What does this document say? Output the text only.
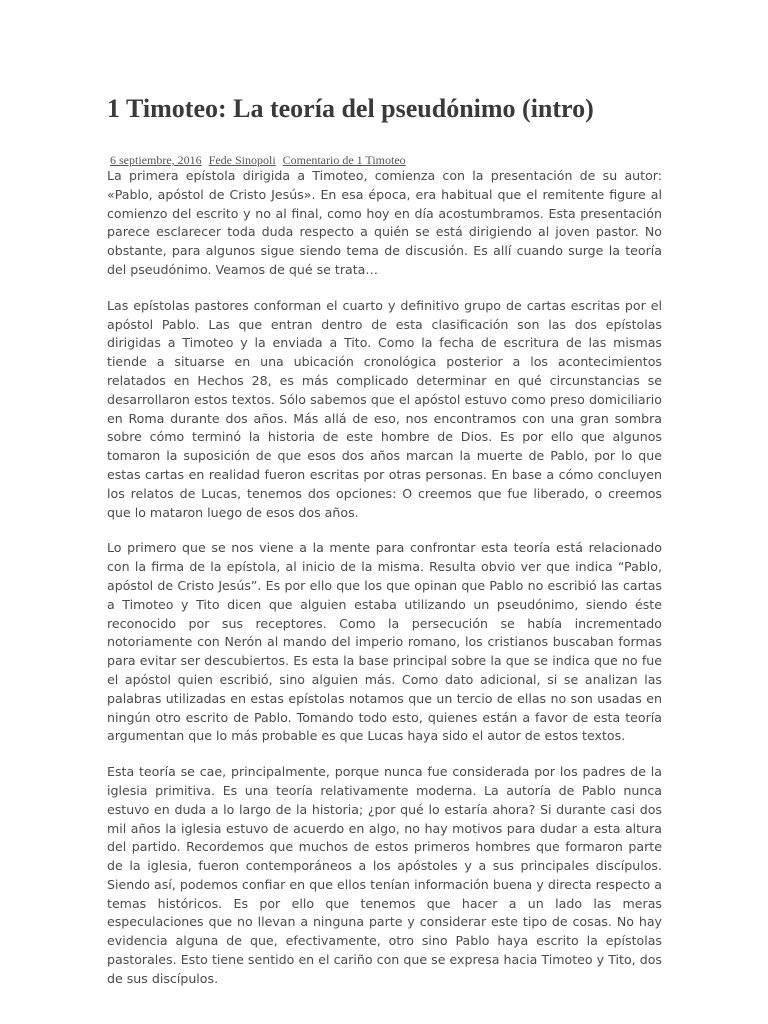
1 Timoteo: La teoría del pseudónimo (intro)
6 septiembre, 2016 Fede Sinopoli Comentario de 1 Timoteo

La primera epístola dirigida a Timoteo, comienza con la presentación de su autor: «Pablo, apóstol de Cristo Jesús». En esa época, era habitual que el remitente figure al comienzo del escrito y no al final, como hoy en día acostumbramos. Esta presentación parece esclarecer toda duda respecto a quién se está dirigiendo al joven pastor. No obstante, para algunos sigue siendo tema de discusión. Es allí cuando surge la teoría del pseudónimo. Veamos de qué se trata…

Las epístolas pastores conforman el cuarto y definitivo grupo de cartas escritas por el apóstol Pablo. Las que entran dentro de esta clasificación son las dos epístolas dirigidas a Timoteo y la enviada a Tito. Como la fecha de escritura de las mismas tiende a situarse en una ubicación cronológica posterior a los acontecimientos relatados en Hechos 28, es más complicado determinar en qué circunstancias se desarrollaron estos textos. Sólo sabemos que el apóstol estuvo como preso domiciliario en Roma durante dos años. Más allá de eso, nos encontramos con una gran sombra sobre cómo terminó la historia de este hombre de Dios. Es por ello que algunos tomaron la suposición de que esos dos años marcan la muerte de Pablo, por lo que estas cartas en realidad fueron escritas por otras personas. En base a cómo concluyen los relatos de Lucas, tenemos dos opciones: O creemos que fue liberado, o creemos que lo mataron luego de esos dos años.

Lo primero que se nos viene a la mente para confrontar esta teoría está relacionado con la firma de la epístola, al inicio de la misma. Resulta obvio ver que indica “Pablo, apóstol de Cristo Jesús”. Es por ello que los que opinan que Pablo no escribió las cartas a Timoteo y Tito dicen que alguien estaba utilizando un pseudónimo, siendo éste reconocido por sus receptores. Como la persecución se había incrementado notoriamente con Nerón al mando del imperio romano, los cristianos buscaban formas para evitar ser descubiertos. Es esta la base principal sobre la que se indica que no fue el apóstol quien escribió, sino alguien más. Como dato adicional, si se analizan las palabras utilizadas en estas epístolas notamos que un tercio de ellas no son usadas en ningún otro escrito de Pablo. Tomando todo esto, quienes están a favor de esta teoría argumentan que lo más probable es que Lucas haya sido el autor de estos textos.

Esta teoría se cae, principalmente, porque nunca fue considerada por los padres de la iglesia primitiva. Es una teoría relativamente moderna. La autoría de Pablo nunca estuvo en duda a lo largo de la historia; ¿por qué lo estaría ahora? Si durante casi dos mil años la iglesia estuvo de acuerdo en algo, no hay motivos para dudar a esta altura del partido. Recordemos que muchos de estos primeros hombres que formaron parte de la iglesia, fueron contemporáneos a los apóstoles y a sus principales discípulos. Siendo así, podemos confiar en que ellos tenían información buena y directa respecto a temas históricos. Es por ello que tenemos que hacer a un lado las meras especulaciones que no llevan a ninguna parte y considerar este tipo de cosas. No hay evidencia alguna de que, efectivamente, otro sino Pablo haya escrito la epístolas pastorales. Esto tiene sentido en el cariño con que se expresa hacia Timoteo y Tito, dos de sus discípulos.
